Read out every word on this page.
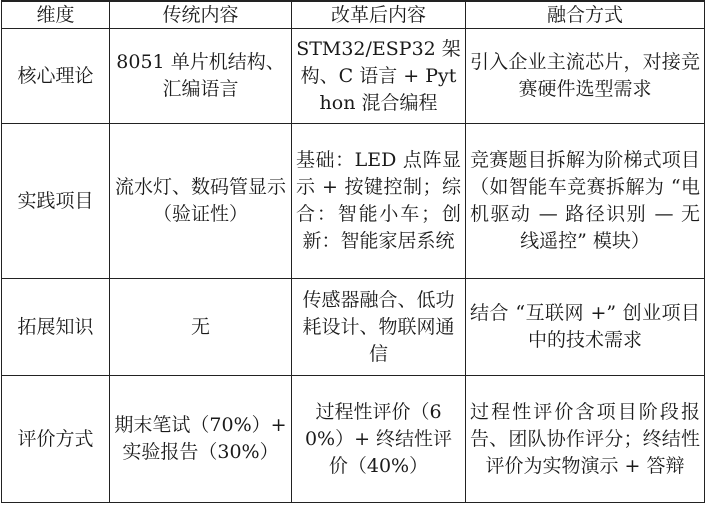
维度	传统内容	改革后内容	融合方式
核心理论	8051 单片机结构、汇编语言	STM32/ESP32 架构、C 语言 + Python 混合编程	引入企业主流芯片，对接竞赛硬件选型需求
实践项目	流水灯、数码管显示（验证性）	基础：LED 点阵显示 + 按键控制；综合：智能小车；创新：智能家居系统	竞赛题目拆解为阶梯式项目（如智能车竞赛拆解为 “电机驱动 — 路径识别 — 无线遥控” 模块）
拓展知识	无	传感器融合、低功耗设计、物联网通信	结合 “互联网 +” 创业项目中的技术需求
评价方式	期末笔试（70%）+ 实验报告（30%）	过程性评价（60%）+ 终结性评价（40%）	过程性评价含项目阶段报告、团队协作评分；终结性评价为实物演示 + 答辩
